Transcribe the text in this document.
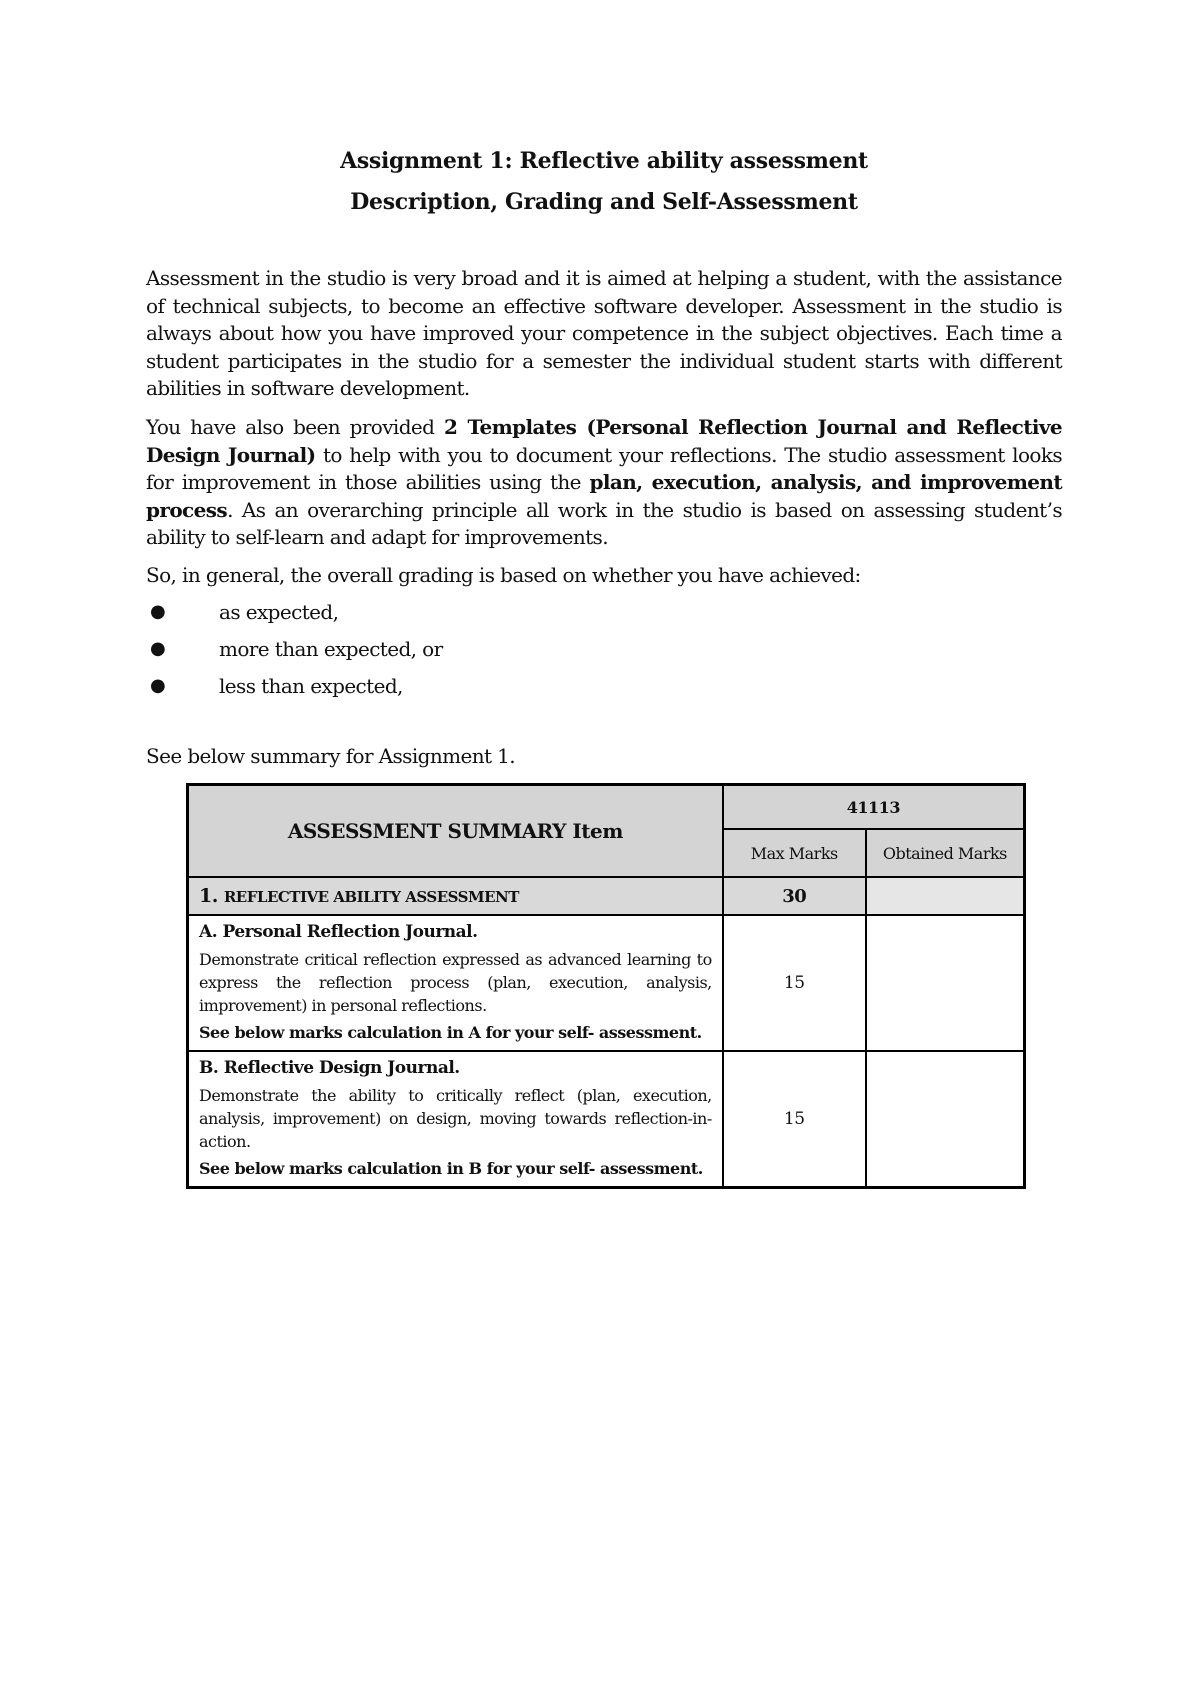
Assignment 1: Reflective ability assessment
Description, Grading and Self-Assessment

Assessment in the studio is very broad and it is aimed at helping a student, with the assistance of technical subjects, to become an effective software developer. Assessment in the studio is always about how you have improved your competence in the subject objectives. Each time a student participates in the studio for a semester the individual student starts with different abilities in software development.

You have also been provided 2 Templates (Personal Reflection Journal and Reflective Design Journal) to help with you to document your reflections. The studio assessment looks for improvement in those abilities using the plan, execution, analysis, and improvement process. As an overarching principle all work in the studio is based on assessing student’s ability to self-learn and adapt for improvements.

So, in general, the overall grading is based on whether you have achieved:

●	as expected,
●	more than expected, or
●	less than expected,
See below summary for Assignment 1.
ASSESSMENT SUMMARY Item	41113	
	Max Marks	Obtained Marks
1. REFLECTIVE ABILITY ASSESSMENT	30	

A. Personal Reflection Journal.
Demonstrate critical reflection expressed as advanced learning to express the reflection process (plan, execution, analysis, improvement) in personal reflections.
See below marks calculation in A for your self- assessment.	15	

B. Reflective Design Journal.
Demonstrate the ability to critically reflect (plan, execution, analysis, improvement) on design, moving towards reflection-in-action.
See below marks calculation in B for your self- assessment.	15	
